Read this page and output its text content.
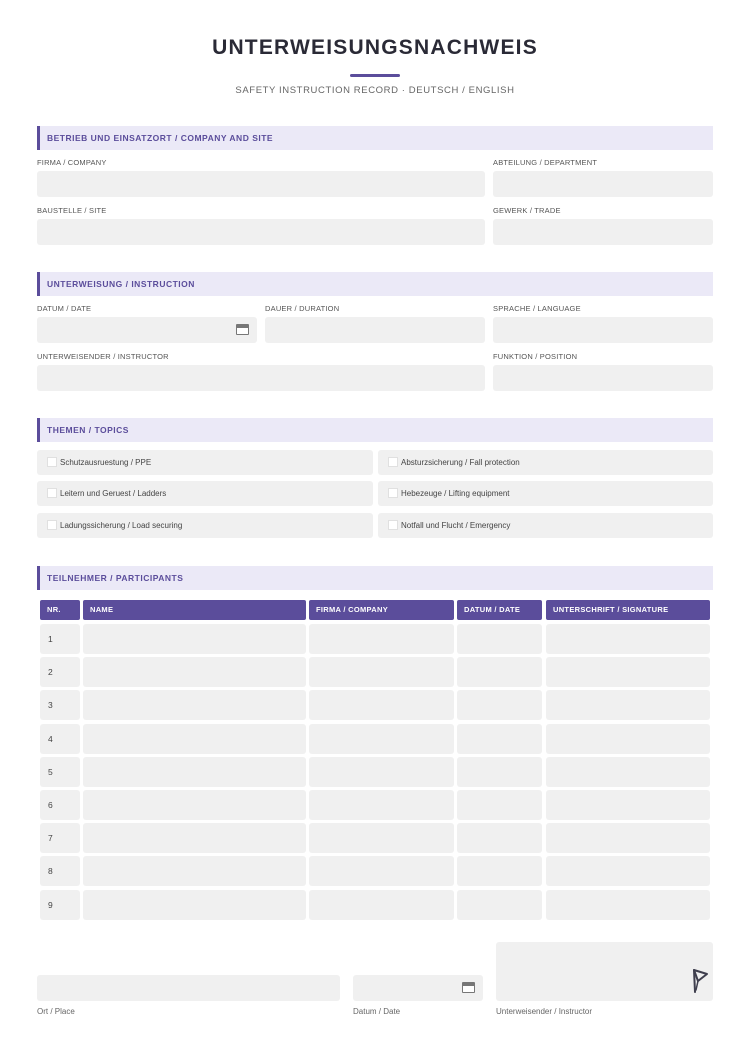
UNTERWEISUNGSNACHWEIS
SAFETY INSTRUCTION RECORD · DEUTSCH / ENGLISH
BETRIEB UND EINSATZORT / COMPANY AND SITE
FIRMA / COMPANY	ABTEILUNG / DEPARTMENT
BAUSTELLE / SITE	GEWERK / TRADE
UNTERWEISUNG / INSTRUCTION
DATUM / DATE	DAUER / DURATION	SPRACHE / LANGUAGE
UNTERWEISENDER / INSTRUCTOR	FUNKTION / POSITION
THEMEN / TOPICS
Schutzausruestung / PPE	Absturzsicherung / Fall protection
Leitern und Geruest / Ladders	Hebezeuge / Lifting equipment
Ladungssicherung / Load securing	Notfall und Flucht / Emergency
TEILNEHMER / PARTICIPANTS
NR.	NAME	FIRMA / COMPANY	DATUM / DATE	UNTERSCHRIFT / SIGNATURE
1
2
3
4
5
6
7
8
9
Ort / Place	Datum / Date	Unterweisender / Instructor
